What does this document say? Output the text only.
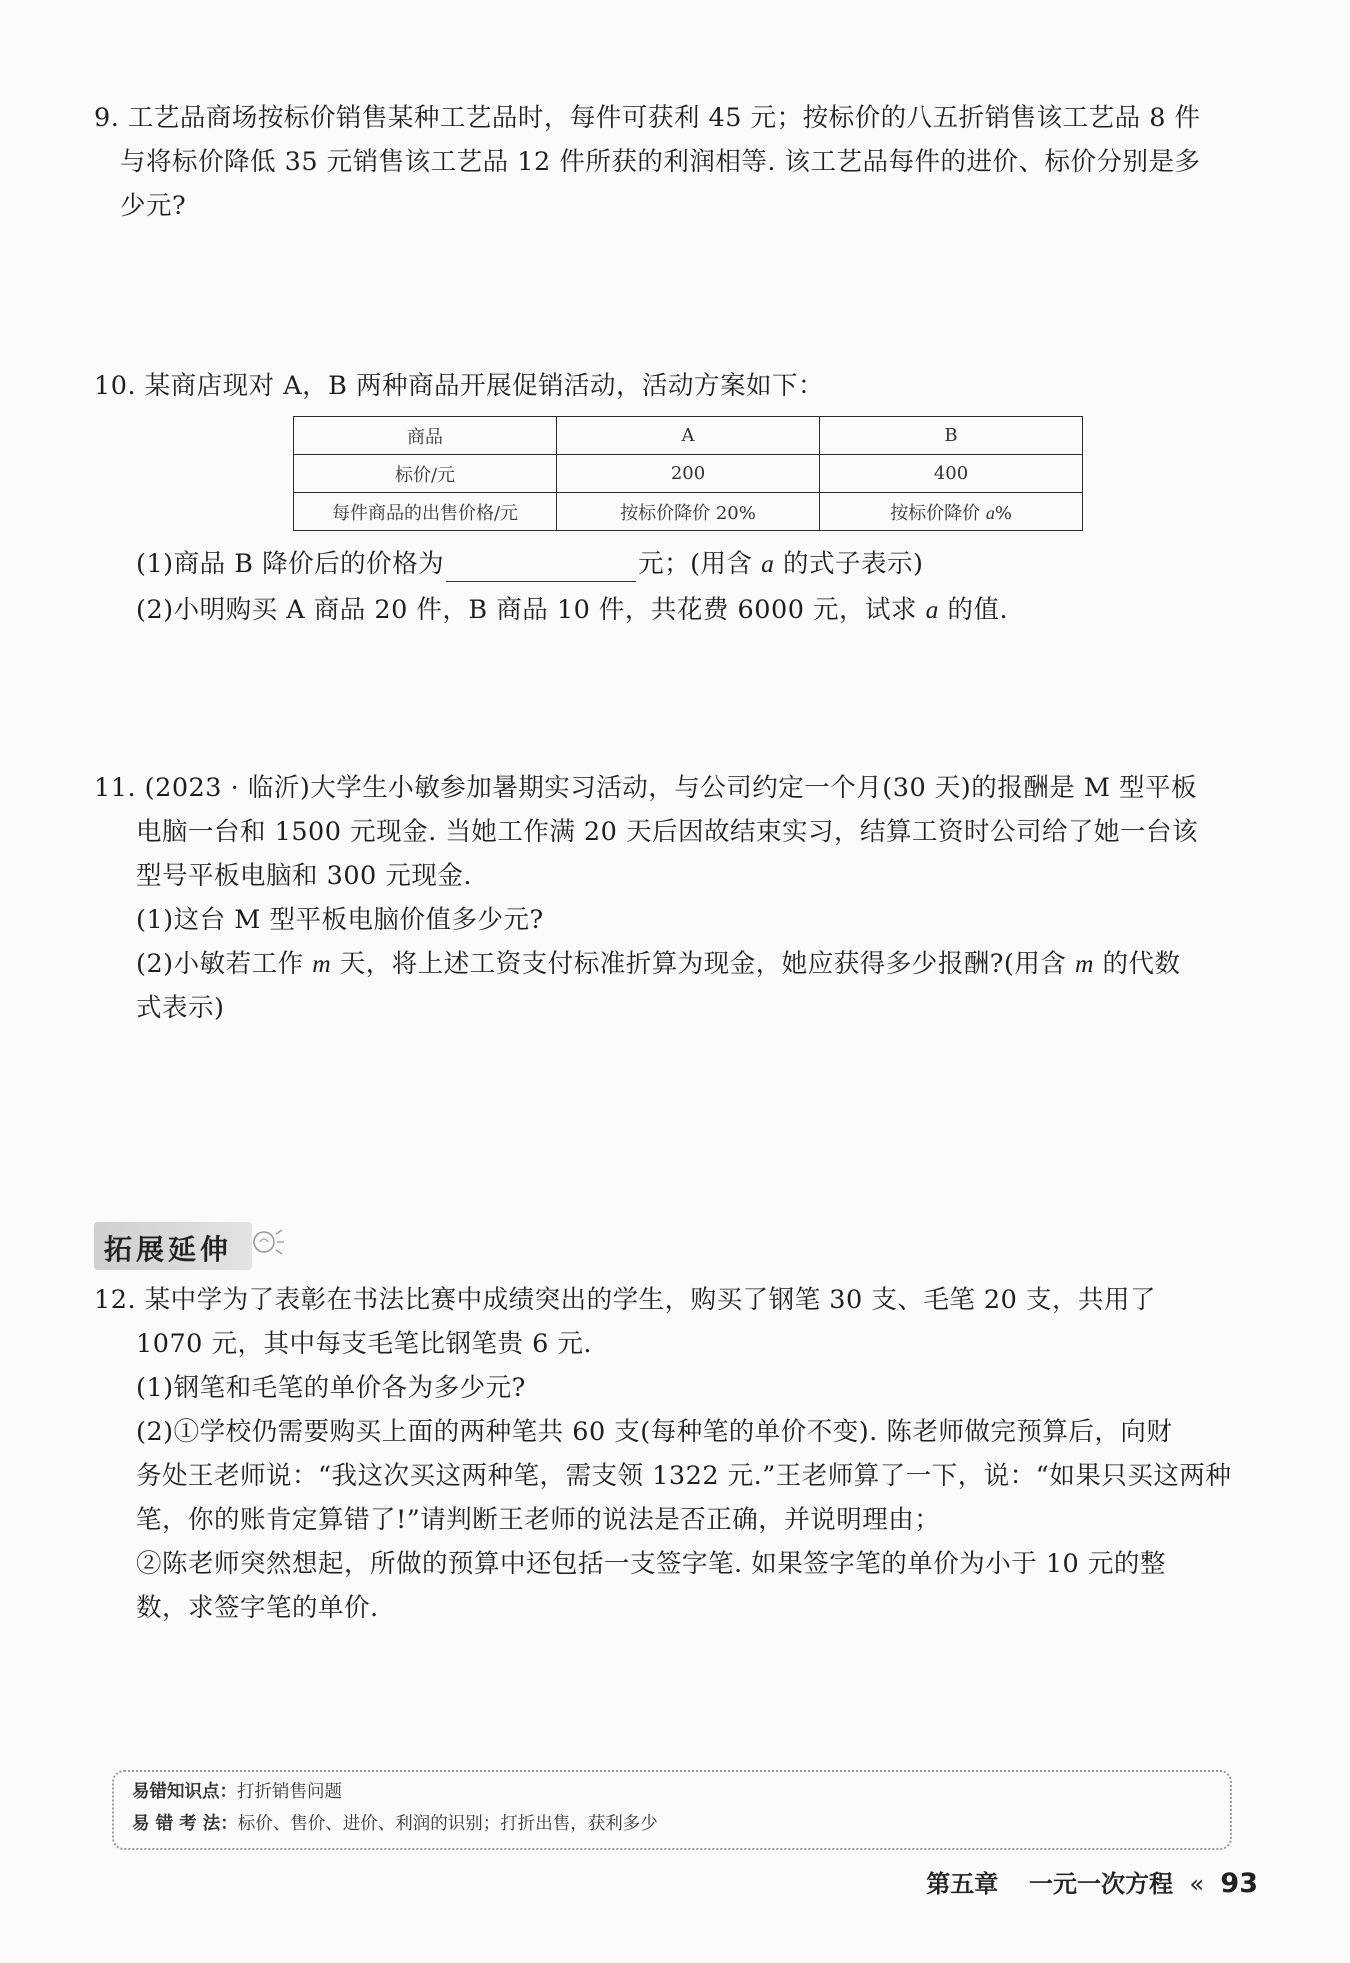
9. 工艺品商场按标价销售某种工艺品时，每件可获利 45 元；按标价的八五折销售该工艺品 8 件
与将标价降低 35 元销售该工艺品 12 件所获的利润相等. 该工艺品每件的进价、标价分别是多
少元?
10. 某商店现对 A，B 两种商品开展促销活动，活动方案如下：
商品	A	B
标价/元	200	400
每件商品的出售价格/元	按标价降价 20%	按标价降价 a%
(1)商品 B 降价后的价格为	元；(用含 a 的式子表示)
(2)小明购买 A 商品 20 件，B 商品 10 件，共花费 6000 元，试求 a 的值.
11. (2023 · 临沂)大学生小敏参加暑期实习活动，与公司约定一个月(30 天)的报酬是 M 型平板
电脑一台和 1500 元现金. 当她工作满 20 天后因故结束实习，结算工资时公司给了她一台该
型号平板电脑和 300 元现金.
(1)这台 M 型平板电脑价值多少元?
(2)小敏若工作 m 天，将上述工资支付标准折算为现金，她应获得多少报酬?(用含 m 的代数
式表示)
拓展延伸
12. 某中学为了表彰在书法比赛中成绩突出的学生，购买了钢笔 30 支、毛笔 20 支，共用了
1070 元，其中每支毛笔比钢笔贵 6 元.
(1)钢笔和毛笔的单价各为多少元?
(2)①学校仍需要购买上面的两种笔共 60 支(每种笔的单价不变). 陈老师做完预算后，向财
务处王老师说：“我这次买这两种笔，需支领 1322 元.”王老师算了一下，说：“如果只买这两种
笔，你的账肯定算错了!”请判断王老师的说法是否正确，并说明理由；
②陈老师突然想起，所做的预算中还包括一支签字笔. 如果签字笔的单价为小于 10 元的整
数，求签字笔的单价.
易错知识点：打折销售问题
易 错 考 法：标价、售价、进价、利润的识别；打折出售，获利多少
第五章 一元一次方程 « 93
